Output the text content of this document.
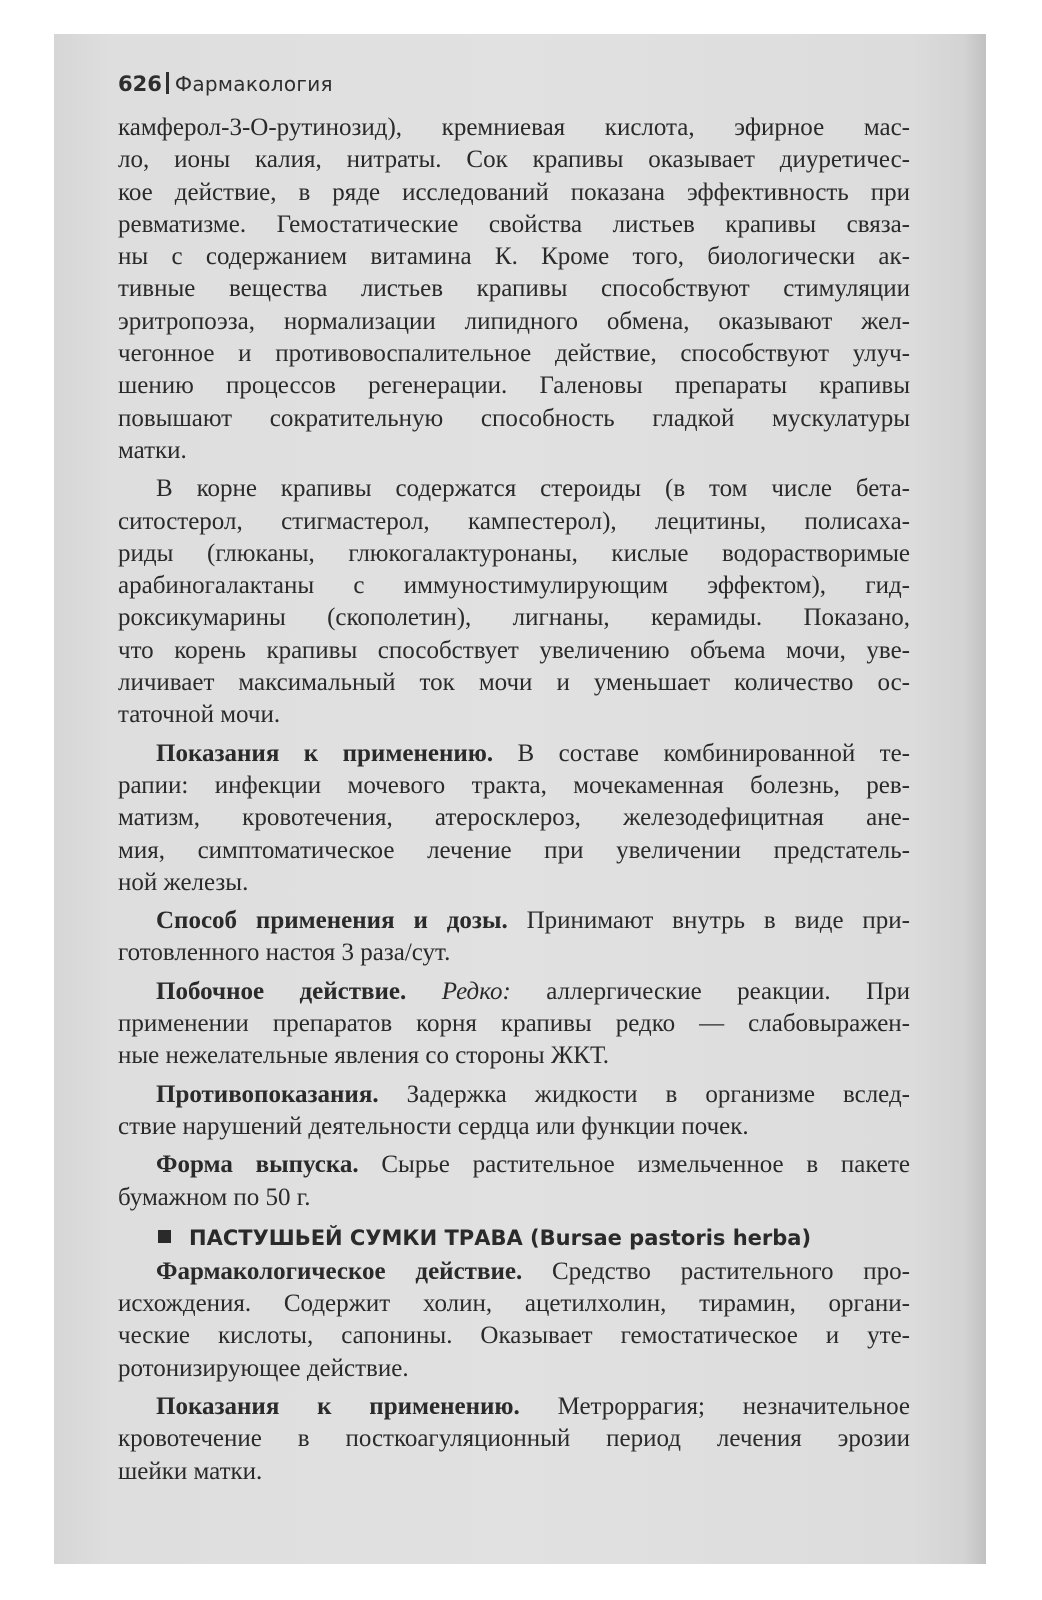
626 Фармакология
камферол-3-О-рутинозид), кремниевая кислота, эфирное мас-
ло, ионы калия, нитраты. Сок крапивы оказывает диуретичес-
кое действие, в ряде исследований показана эффективность при
ревматизме. Гемостатические свойства листьев крапивы связа-
ны с содержанием витамина К. Кроме того, биологически ак-
тивные вещества листьев крапивы способствуют стимуляции
эритропоэза, нормализации липидного обмена, оказывают жел-
чегонное и противовоспалительное действие, способствуют улуч-
шению процессов регенерации. Галеновы препараты крапивы
повышают сократительную способность гладкой мускулатуры
матки.
В корне крапивы содержатся стероиды (в том числе бета-
ситостерол, стигмастерол, кампестерол), лецитины, полисаха-
риды (глюканы, глюкогалактуронаны, кислые водорастворимые
арабиногалактаны с иммуностимулирующим эффектом), гид-
роксикумарины (скополетин), лигнаны, керамиды. Показано,
что корень крапивы способствует увеличению объема мочи, уве-
личивает максимальный ток мочи и уменьшает количество ос-
таточной мочи.
Показания к применению. В составе комбинированной те-
рапии: инфекции мочевого тракта, мочекаменная болезнь, рев-
матизм, кровотечения, атеросклероз, железодефицитная ане-
мия, симптоматическое лечение при увеличении предстатель-
ной железы.
Способ применения и дозы. Принимают внутрь в виде при-
готовленного настоя 3 раза/сут.
Побочное действие. Редко: аллергические реакции. При
применении препаратов корня крапивы редко — слабовыражен-
ные нежелательные явления со стороны ЖКТ.
Противопоказания. Задержка жидкости в организме вслед-
ствие нарушений деятельности сердца или функции почек.
Форма выпуска. Сырье растительное измельченное в пакете
бумажном по 50 г.
ПАСТУШЬЕЙ СУМКИ ТРАВА (Bursae pastoris herba)
Фармакологическое действие. Средство растительного про-
исхождения. Содержит холин, ацетилхолин, тирамин, органи-
ческие кислоты, сапонины. Оказывает гемостатическое и уте-
ротонизирующее действие.
Показания к применению. Метроррагия; незначительное
кровотечение в посткоагуляционный период лечения эрозии
шейки матки.
